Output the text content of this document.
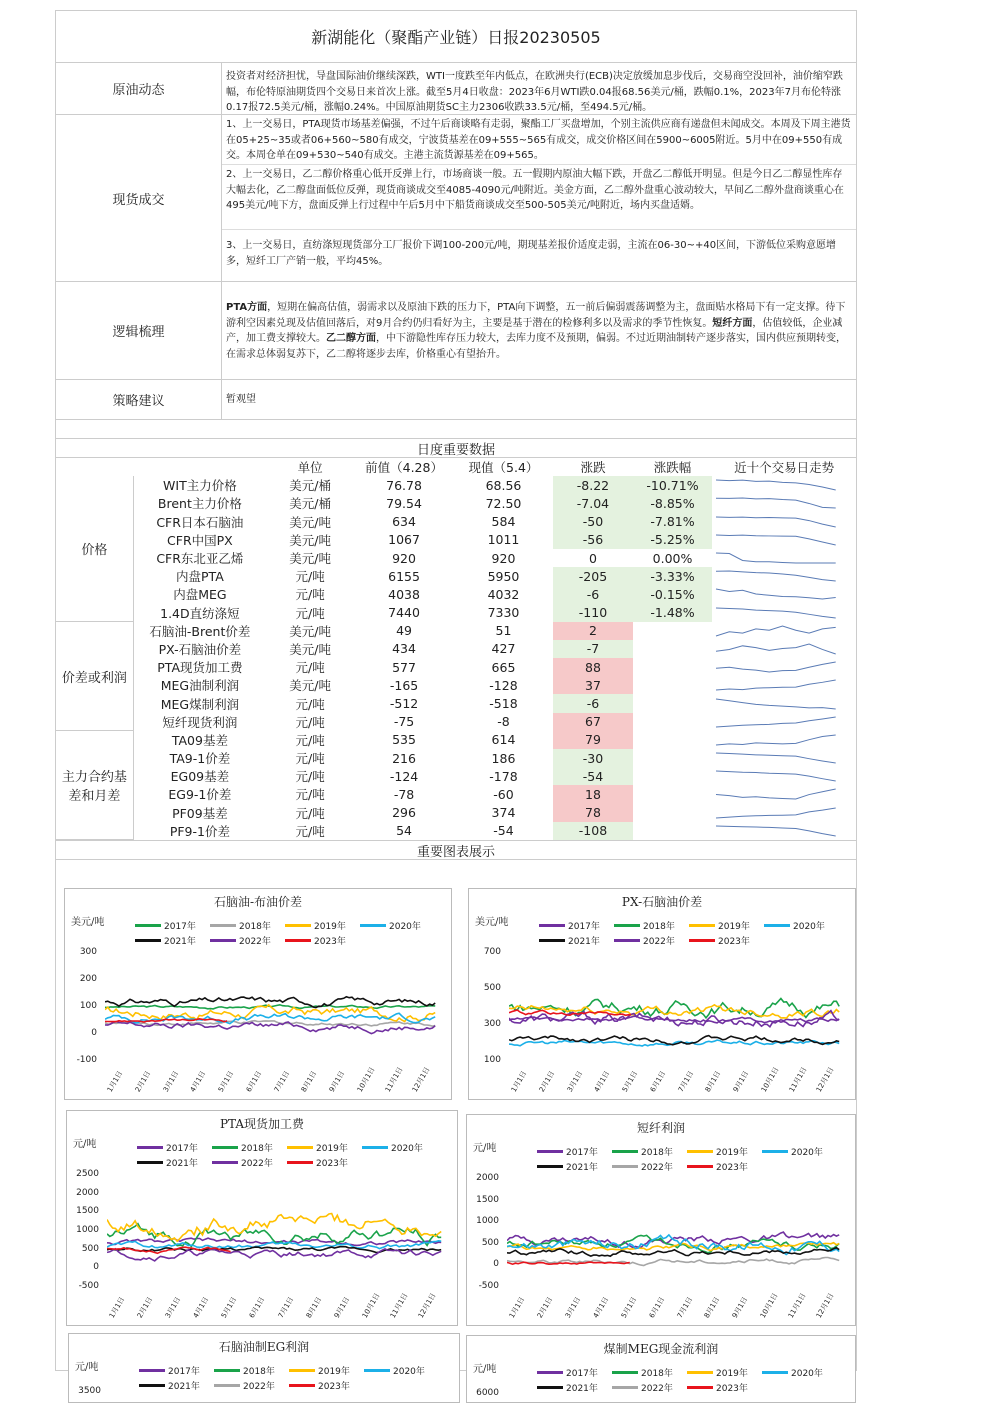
新湖能化（聚酯产业链）日报20230505
原油动态
投资者对经济担忧，导盘国际油价继续深跌，WTI一度跌至年内低点，在欧洲央行(ECB)决定放缓加息步伐后，交易商空没回补，油价缩窄跌幅，布伦特原油期货四个交易日来首次上涨。截至5月4日收盘：2023年6月WTI跌0.04报68.56美元/桶，跌幅0.1%，2023年7月布伦特涨0.17报72.5美元/桶，涨幅0.24%。中国原油期货SC主力2306收跌33.5元/桶，至494.5元/桶。
现货成交
1、上一交易日，PTA现货市场基差偏强，不过午后商谈略有走弱，聚酯工厂买盘增加，个别主流供应商有递盘但未闻成交。本周及下周主港货在05+25~35或者06+560~580有成交，宁波货基差在09+555~565有成交，成交价格区间在5900~6005附近。5月中在09+550有成交。本周仓单在09+530~540有成交。主港主流货源基差在09+565。
2、上一交易日，乙二醇价格重心低开反弹上行，市场商谈一般。五一假期内原油大幅下跌，开盘乙二醇低开明显。但是今日乙二醇显性库存大幅去化，乙二醇盘面低位反弹，现货商谈成交至4085-4090元/吨附近。美金方面，乙二醇外盘重心波动较大，早间乙二醇外盘商谈重心在495美元/吨下方，盘面反弹上行过程中午后5月中下船货商谈成交至500-505美元/吨附近，场内买盘适婿。
3、上一交易日，直纺涤短现货部分工厂报价下调100-200元/吨，期现基差报价适度走弱，主流在06-30~+40区间，下游低位采购意愿增多，短纤工厂产销一般，平均45%。
逻辑梳理
PTA方面，短期在偏高估值，弱需求以及原油下跌的压力下，PTA向下调整，五一前后偏弱震荡调整为主，盘面贴水格局下有一定支撑。待下游利空因素兑现及估值回落后，对9月合约仍归看好为主，主要是基于潜在的检修利多以及需求的季节性恢复。短纤方面，估值较低，企业减产，加工费支撑较大。乙二醇方面，中下游隐性库存压力较大，去库力度不及预期，偏弱。不过近期油制转产逐步落实，国内供应预期转变，在需求总体弱复苏下，乙二醇将逐步去库，价格重心有望抬升。
策略建议	暂观望
日度重要数据
		单位	前值（4.28）	现值（5.4）	涨跌	涨跌幅	近十个交易日走势
价格	WIT主力价格	美元/桶	76.78	68.56	-8.22	-10.71%	

	Brent主力价格	美元/桶	79.54	72.50	-7.04	-8.85%	

	CFR日本石脑油	美元/吨	634	584	-50	-7.81%	

	CFR中国PX	美元/吨	1067	1011	-56	-5.25%	

	CFR东北亚乙烯	美元/吨	920	920	0	0.00%	

	内盘PTA	元/吨	6155	5950	-205	-3.33%	

	内盘MEG	元/吨	4038	4032	-6	-0.15%	

	1.4D直纺涤短	元/吨	7440	7330	-110	-1.48%	

价差或利润	石脑油-Brent价差	美元/吨	49	51	2		

	PX-石脑油价差	美元/吨	434	427	-7		

	PTA现货加工费	元/吨	577	665	88		

	MEG油制利润	美元/吨	-165	-128	37		

	MEG煤制利润	元/吨	-512	-518	-6		

	短纤现货利润	元/吨	-75	-8	67		

主力合约基差和月差	TA09基差	元/吨	535	614	79		

	TA9-1价差	元/吨	216	186	-30		

	EG09基差	元/吨	-124	-178	-54		

	EG9-1价差	元/吨	-78	-60	18		

	PF09基差	元/吨	296	374	78		

	PF9-1价差	元/吨	54	-54	-108		
重要图表展示
石脑油-布油价差
美元/吨	2017年	2018年	2019年	2020年
2021年	2022年	2023年
300
200
100
0
-100
1月1日 2月1日 3月1日 4月1日 5月1日 6月1日 7月1日 8月1日 9月1日 10月1日 11月1日 12月1日
PX-石脑油价差
美元/吨	2017年	2018年	2019年	2020年
2021年	2022年	2023年
700
500
300
100
1月1日 2月1日 3月1日 4月1日 5月1日 6月1日 7月1日 8月1日 9月1日 10月1日 11月1日 12月1日
PTA现货加工费
元/吨	2017年	2018年	2019年	2020年
2021年	2022年	2023年
2500
2000
1500
1000
500
0
-500
1月1日 2月1日 3月1日 4月1日 5月1日 6月1日 7月1日 8月1日 9月1日 10月1日 11月1日 12月1日
短纤利润
元/吨	2017年	2018年	2019年	2020年
2021年	2022年	2023年
2000
1500
1000
500
0
-500
1月1日 2月1日 3月1日 4月1日 5月1日 6月1日 7月1日 8月1日 9月1日 10月1日 11月1日 12月1日
石脑油制EG利润
元/吨	2017年	2018年	2019年	2020年
2021年	2022年	2023年
3500
煤制MEG现金流利润
元/吨	2017年	2018年	2019年	2020年
2021年	2022年	2023年
6000
